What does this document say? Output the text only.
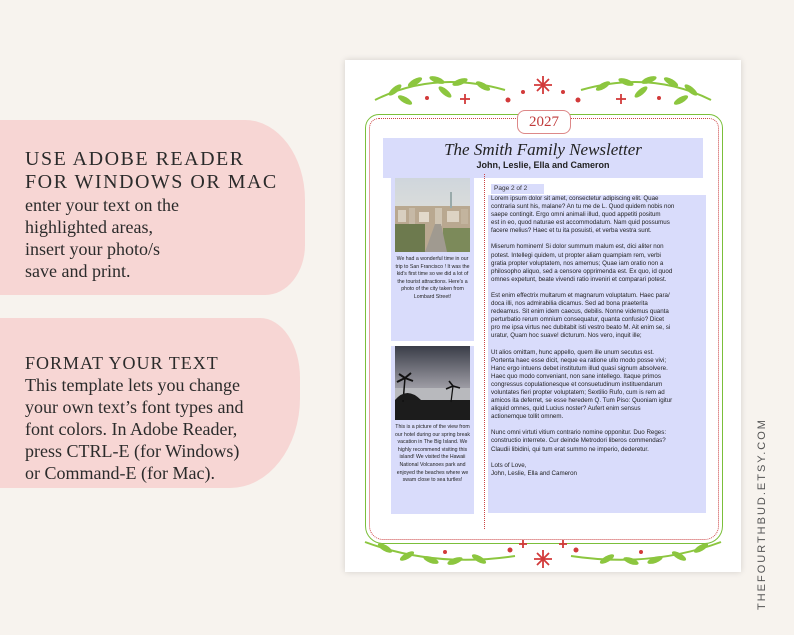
USE ADOBE READER
FOR WINDOWS OR MAC
enter your text on the
highlighted areas,
insert your photo/s
save and print.
FORMAT YOUR TEXT
This template lets you change
your own text’s font types and
font colors. In Adobe Reader,
press CTRL-E (for Windows)
or Command-E (for Mac).
2027
The Smith Family Newsletter
John, Leslie, Ella and Cameron
We had a wonderful time in our trip to San Francisco ! It was the kid's first time so we did a lot of the tourist attractions. Here's a photo of the city taken from Lombard Street!
This is a picture of the view from our hotel during our spring break vacation in The Big Island. We highly recommend visiting this island! We visited the Hawaii National Volcanoes park and enjoyed the beaches where we swam close to sea turtles!
Page 2 of 2
Lorem ipsum dolor sit amet, consectetur adipiscing elit. Quae
contraria sunt his, malane? An tu me de L. Quod quidem nobis non
saepe contingit. Ergo omni animali illud, quod appetiti positum
est in eo, quod naturae est accommodatum. Nam quid possumus
facere melius? Haec et tu ita posuisti, et verba vestra sunt.
Miserum hominem! Si dolor summum malum est, dici aliter non
potest. Intellegi quidem, ut propter aliam quampiam rem, verbi
gratia propter voluptatem, nos amemus; Quae iam oratio non a
philosopho aliquo, sed a censore opprimenda est. Ex quo, id quod
omnes expetunt, beate vivendi ratio inveniri et comparari potest.
Est enim effectrix multarum et magnarum voluptatum. Haec para/
doca illi, nos admirabilia dicamus. Sed ad bona praeterita
redeamus. Sit enim idem caecus, debilis. Nonne videmus quanta
perturbatio rerum omnium consequatur, quanta confusio? Dicet
pro me ipsa virtus nec dubitabit isti vestro beato M. Ait enim se, si
uratur, Quam hoc suave! dicturum. Nos vero, inquit ille;
Ut alios omittam, hunc appello, quem ille unum secutus est.
Portenta haec esse dicit, neque ea ratione ullo modo posse vivi;
Hanc ergo intuens debet institutum illud quasi signum absolvere.
Haec quo modo conveniant, non sane intellego. Itaque primos
congressus copulationesque et consuetudinum instituendarum
voluntates fieri propter voluptatem; Sextilio Rufo, cum is rem ad
amicos ita deferret, se esse heredem Q. Tum Piso: Quoniam igitur
aliquid omnes, quid Lucius noster? Aufert enim sensus
actionemque tollit omnem.
Nunc omni virtuti vitium contrario nomine opponitur. Duo Reges:
constructio interrete. Cur deinde Metrodori liberos commendas?
Claudii libidini, qui tum erat summo ne imperio, dederetur.
Lots of Love,
John, Leslie, Ella and Cameron	THEFOURTHBUD.ETSY.COM
